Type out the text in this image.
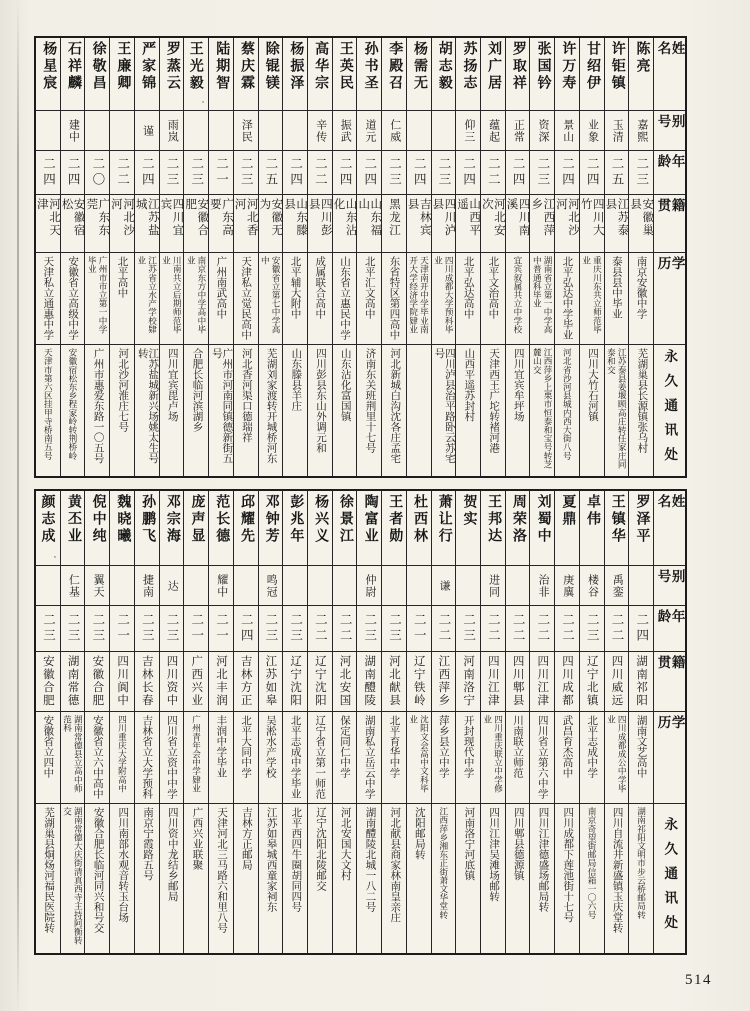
姓名
别号
年龄
籍贯
学历
永久通讯处
陈亮
嘉熙
二三
安徽巢县
南京安徽中学
芜湖巢县长源镇张乌村
许钜镇
玉清
二五
江苏泰县
泰县县中毕业
江苏泰县姜堰顾高庄转任家庄同泰和交
甘绍伊
业象
二四
四川大竹
重庆川东共立师范毕业
四川大竹石河镇
许万寿
景山
二四
河北沙河
北平弘达中学毕业
河北省沙河县城内西大街八号
张国钤
资深
二三
江西萍乡
湖南省立第一中学高中普通科毕业
江西萍乡上栗市恒泰和宝号转芝麓山交
罗取祥
正常
二四
四川南溪
宜宾叙属共立中学校
四川宜宾牟坪场
刘广居
蕴起
二二
河北安次
北平文治高中
天津西王广坨转褚河港
苏扬志
仰三
二四
山西平遥
北平弘达高中
山西平遥苏封村
胡志毅
二三
四川泸县
四川成都大学预科毕业
四川泸县治平路卧云苏宅号
杨需无
二四
吉林宾县
天津南开中学毕业南开大学经济学院肄业
李殿召
仁威
二三
黑龙江
东省特区第四高中
河北新城白沟沈各庄孟宅
孙书圣
道元
二四
山东福山
北平汇文高中
济南东关班荆里十七号
王英民
振武
二四
山东沾化
山东省立惠民中学
山东沾化富国镇
高华宗
辛传
二二
四川彭县
成属联合高中
四川彭县东山外调元和
杨振泽
二四
山东滕县
北平辅大附中
山东滕县羊庄
除锟镁
二五
安徽无为
安徽省立第七中学高中
芜湖刘家渡转开城桥河东
蔡庆霖
泽民
二三
河北香河
天津私立觉民高中
河北香河渠口德瑞祥
陆期智
二一
广东高要
广州南武高中
广州市河南同镇德新街五号
王光毅
◦
二三
安徽合肥
南京东方中学高中毕业
合肥长临河滨湖乡
罗蒸云
雨岚
二三
四川宜宾
川南共立后期师范毕业
四川宜宾毘卢场
严家锦
谨
二四
江苏盐城
江苏省立水产学校肄业
江苏盐城新兴场姚太生号转
王廉卿
二二
河北沙河
北平高中
河北沙河淮庄七号
徐敬昌
二〇
广东东莞
广州市市立第一中学毕业
广州市惠爱东路一〇五号
石祥麟
建中
二四
安徽宿松
安徽省立高级中学
安徽宿松东乡程家岭转荆桥岭
杨星宸
二四
河北天津
天津私立通惠中学
天津市第六区挂甲寺桥南五号
姓名
别号
年龄
籍贯
学历
永久通讯处
罗泽平
二四
湖南祁阳
湖南文艺高中
湖南祁阳文明市步云桥邮局转
王镇华
禹銮
二二
四川威远
四川成都成公中学毕业
四川自流井新盛镇玉庆堂转
卓伟
楼谷
二三
辽宁北镇
北平志成中学
南京奇望街邮局信箱一〇六号
夏鼎
庚廙
二二
四川成都
武昌育杰高中
四川成都下莲池街十七号
刘蜀中
治非
二二
四川江津
四川省立第六中学
四川江津德盛场邮局转
周荣洛
二二
四川郫县
川南联立师范
四川郫县德源镇
王邦达
进同
二二
四川江津
四川重庆联立中学修业
四川江津吴滩场邮转
贺实
二三
河南洛宁
开封现代中学
河南洛宁河底镇
萧让行
谦
二二
江西萍乡
萍乡县立中学
江西萍乡湘东正街萧文华堂转
杜西林
二一
辽宁铁岭
沈阳文会高中文科毕业
沈阳邮局转
王者勋
二三
河北献县
北平育华中学
河北献县商家林南皇亲庄
陶富业
仲尉
二三
湖南醴陵
湖南私立岳云中学
湖南醴陵北城一八二号
徐景江
二二
河北安国
保定同仁中学
河北安国大文村
杨兴义
二二
辽宁沈阳
辽宁省立第一师范
辽宁沈阳北陵邮交
彭兆年
二三
辽宁沈阳
北平志成中学毕业
北平西四牛圈胡同四号
邓钟芳
鸣冠
二三
江苏如皋
吴淞水产学校
江苏如皋城西童家祠东
邱耀先
二四
吉林方正
北平大同中学
吉林方正邮局
范长德
耀中
二一
河北丰润
丰润中学毕业
天津河北三马路六和里八号
庞声显
二一
广西兴业
广州青年会中学肄业
广西兴业联聚
邓宗海
达
二三
四川资中
四川省立资中中学
四川资中龙结乡邮局
孙鹏飞
捷南
二三
吉林长春
吉林省立大学预科
南京宁霞路五号
魏晓曦
二一
四川阆中
四川重庆大学附高中
四川南部水观音转玉台场
倪中纯
翼天
二三
安徽合肥
安徽省立六中高中
安徽合肥长临河同兴和号交
黄丕业
仁基
二三
湖南常德
湖南常德县立高中师范科
湖南常德大庆街清真西寺主持阿衡转交
颜志成
◦
二三
安徽合肥
安徽省立四中
芜湖巢县烔炀河福民医院转
514
